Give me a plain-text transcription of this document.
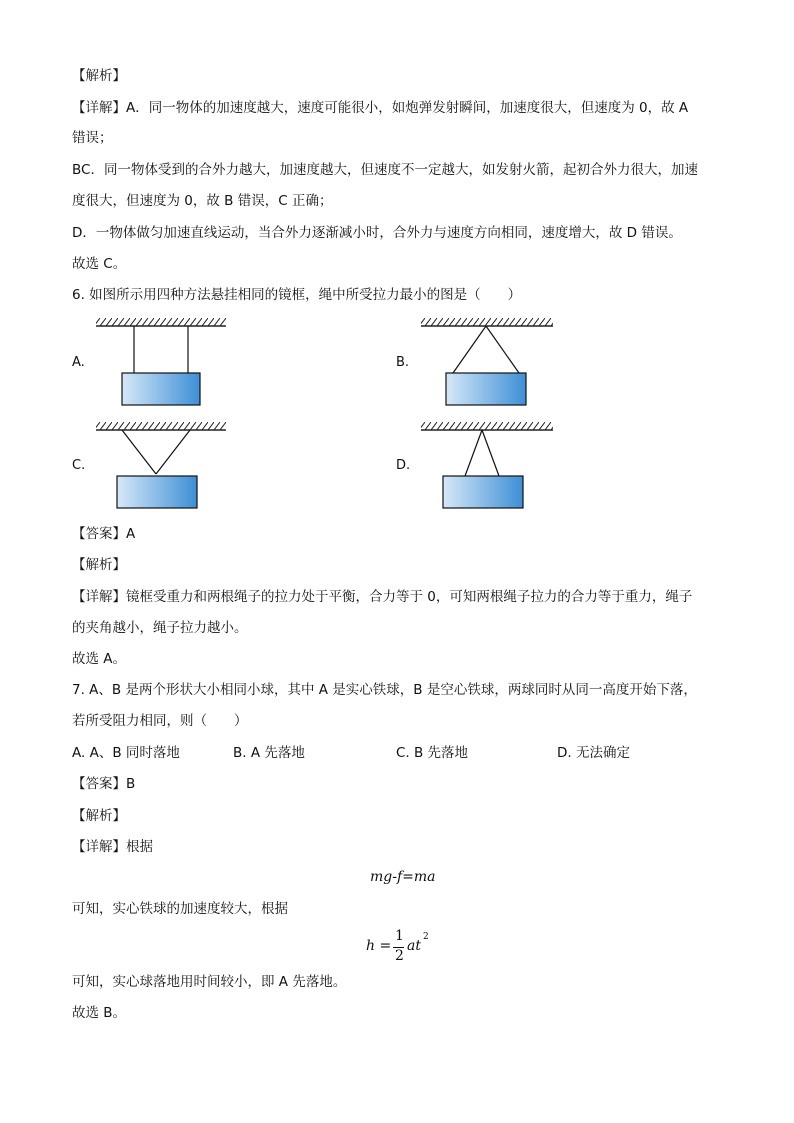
【解析】
【详解】A．同一物体的加速度越大，速度可能很小，如炮弹发射瞬间，加速度很大，但速度为 0，故 A
错误；
BC．同一物体受到的合外力越大，加速度越大，但速度不一定越大，如发射火箭，起初合外力很大，加速
度很大，但速度为 0，故 B 错误，C 正确；
D．一物体做匀加速直线运动，当合外力逐渐减小时，合外力与速度方向相同，速度增大，故 D 错误。
故选 C。
6. 如图所示用四种方法悬挂相同的镜框，绳中所受拉力最小的图是（　　）
A.	B.
C.	D.
【答案】A
【解析】
【详解】镜框受重力和两根绳子的拉力处于平衡，合力等于 0，可知两根绳子拉力的合力等于重力，绳子
的夹角越小，绳子拉力越小。
故选 A。
7. A、B 是两个形状大小相同小球，其中 A 是实心铁球，B 是空心铁球，两球同时从同一高度开始下落，
若所受阻力相同，则（　　）
A. A、B 同时落地	B. A 先落地	C. B 先落地	D. 无法确定
【答案】B
【解析】
【详解】根据
mg-f=ma
可知，实心铁球的加速度较大，根据
h =
1
2
at
2
可知，实心球落地用时间较小，即 A 先落地。
故选 B。
